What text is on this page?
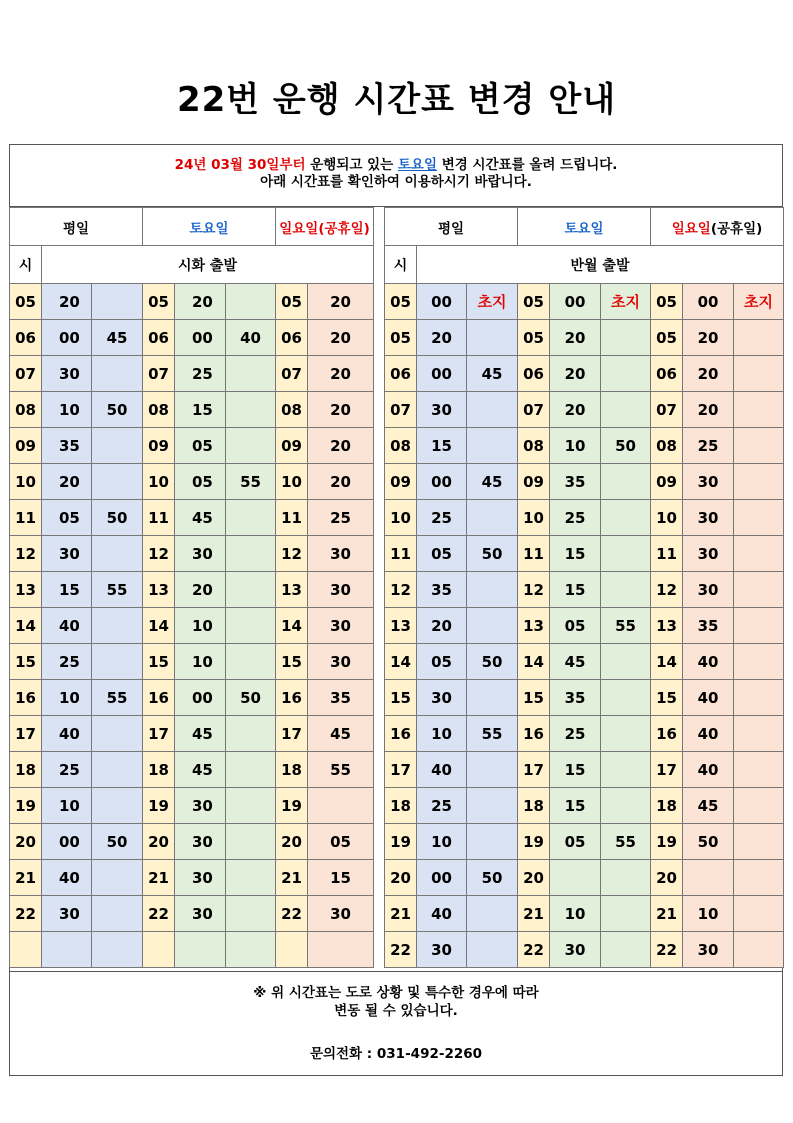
22번 운행 시간표 변경 안내
24년 03월 30일부터 운행되고 있는 토요일 변경 시간표를 올려 드립니다.
아래 시간표를 확인하여 이용하시기 바랍니다.
평일			토요일			일요일(공휴일)	
시	시화 출발						
05	20		05	20		05	20
06	00	45	06	00	40	06	20
07	30		07	25		07	20
08	10	50	08	15		08	20
09	35		09	05		09	20
10	20		10	05	55	10	20
11	05	50	11	45		11	25
12	30		12	30		12	30
13	15	55	13	20		13	30
14	40		14	10		14	30
15	25		15	10		15	30
16	10	55	16	00	50	16	35
17	40		17	45		17	45
18	25		18	45		18	55
19	10		19	30		19	
20	00	50	20	30		20	05
21	40		21	30		21	15
22	30		22	30		22	30

평일			토요일			일요일(공휴일)		
시	반월 출발							
05	00	초지	05	00	초지	05	00	초지
05	20		05	20		05	20	
06	00	45	06	20		06	20	
07	30		07	20		07	20	
08	15		08	10	50	08	25	
09	00	45	09	35		09	30	
10	25		10	25		10	30	
11	05	50	11	15		11	30	
12	35		12	15		12	30	
13	20		13	05	55	13	35	
14	05	50	14	45		14	40	
15	30		15	35		15	40	
16	10	55	16	25		16	40	
17	40		17	15		17	40	
18	25		18	15		18	45	
19	10		19	05	55	19	50	
20	00	50	20			20		
21	40		21	10		21	10	
22	30		22	30		22	30	
※ 위 시간표는 도로 상황 및 특수한 경우에 따라
변동 될 수 있습니다.
문의전화 : 031-492-2260
